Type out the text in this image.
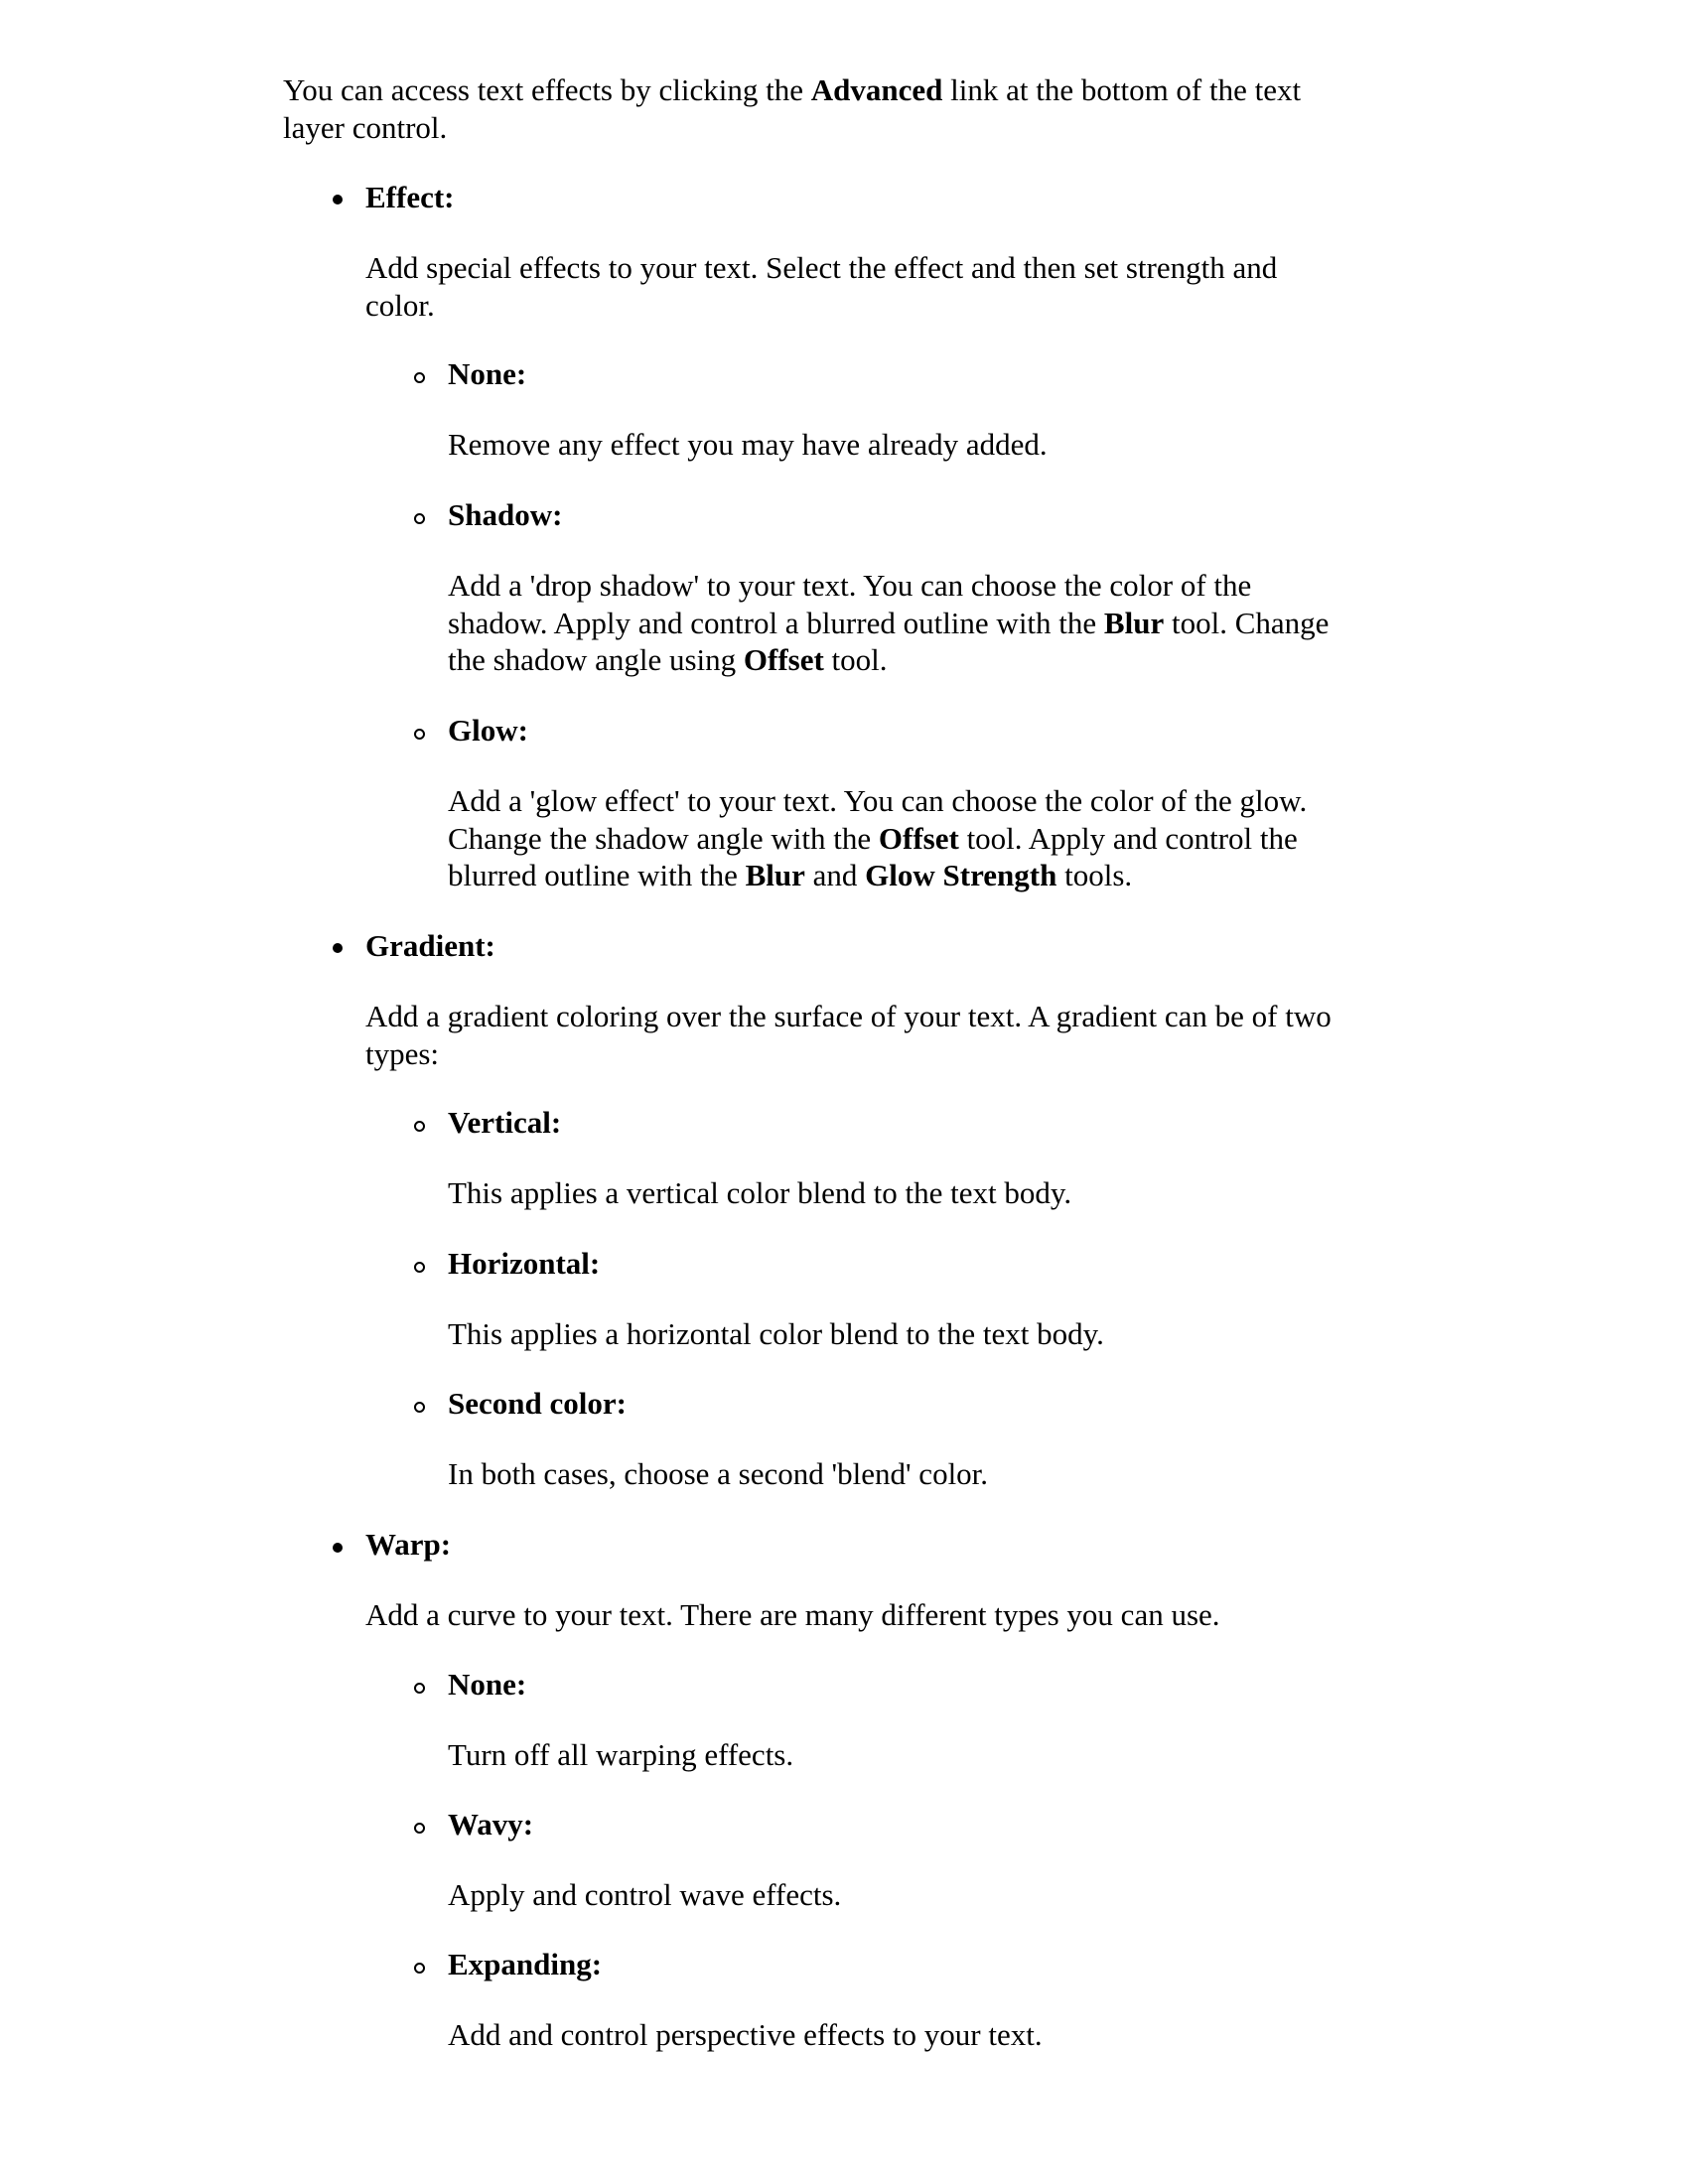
You can access text effects by clicking the Advanced link at the bottom of the text
layer control.
Effect:
Add special effects to your text. Select the effect and then set strength and
color.
None:
Remove any effect you may have already added.
Shadow:
Add a 'drop shadow' to your text. You can choose the color of the
shadow. Apply and control a blurred outline with the Blur tool. Change
the shadow angle using Offset tool.
Glow:
Add a 'glow effect' to your text. You can choose the color of the glow.
Change the shadow angle with the Offset tool. Apply and control the
blurred outline with the Blur and Glow Strength tools.
Gradient:
Add a gradient coloring over the surface of your text. A gradient can be of two
types:
Vertical:
This applies a vertical color blend to the text body.
Horizontal:
This applies a horizontal color blend to the text body.
Second color:
In both cases, choose a second 'blend' color.
Warp:
Add a curve to your text. There are many different types you can use.
None:
Turn off all warping effects.
Wavy:
Apply and control wave effects.
Expanding:
Add and control perspective effects to your text.
